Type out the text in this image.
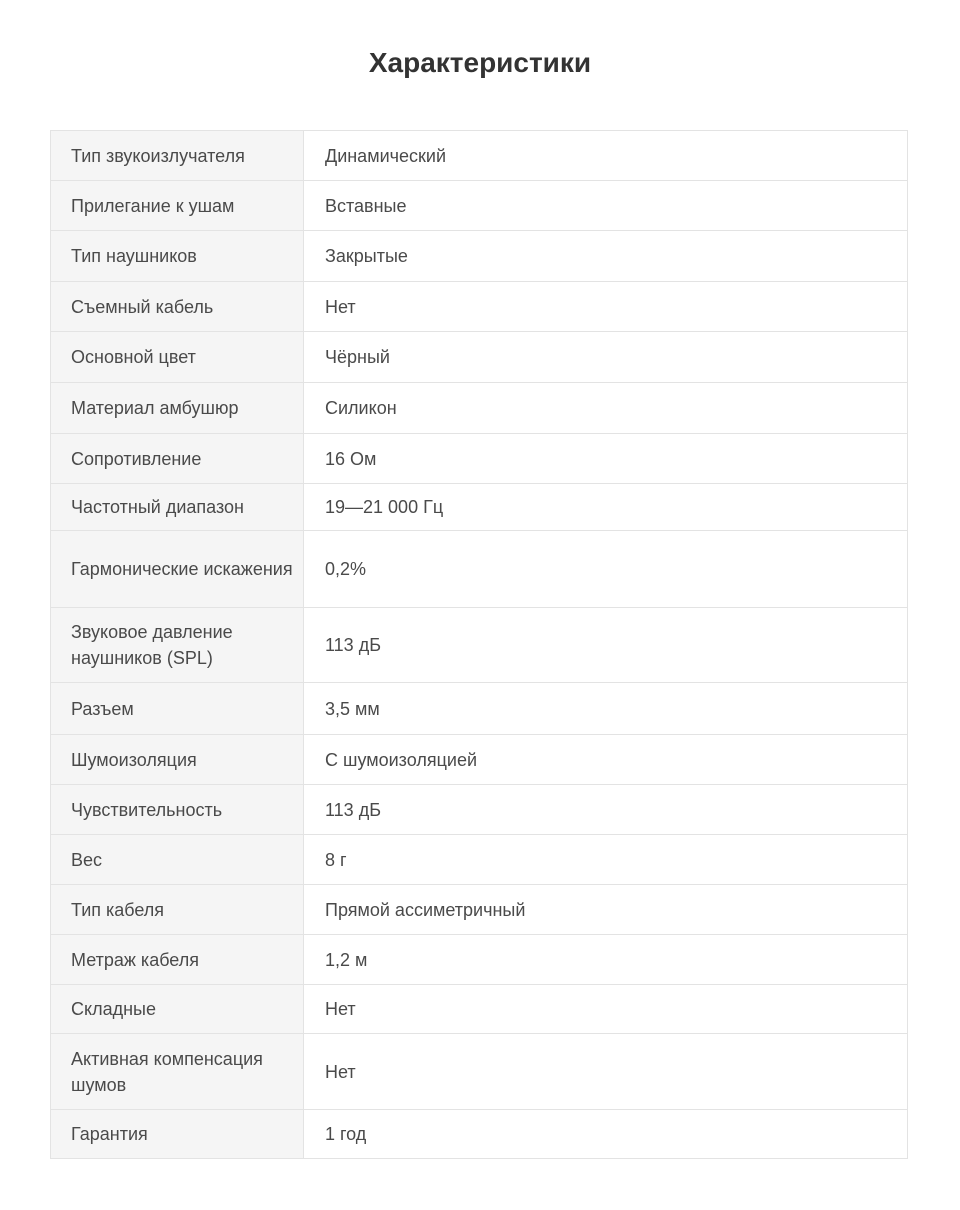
Характеристики
Тип звукоизлучателя	Динамический
Прилегание к ушам	Вставные
Тип наушников	Закрытые
Съемный кабель	Нет
Основной цвет	Чёрный
Материал амбушюр	Силикон
Сопротивление	16 Ом
Частотный диапазон	19—21 000 Гц
Гармонические искажения	0,2%
Звуковое давление наушников (SPL)	113 дБ
Разъем	3,5 мм
Шумоизоляция	С шумоизоляцией
Чувствительность	113 дБ
Вес	8 г
Тип кабеля	Прямой ассиметричный
Метраж кабеля	1,2 м
Складные	Нет
Активная компенсация шумов	Нет
Гарантия	1 год
